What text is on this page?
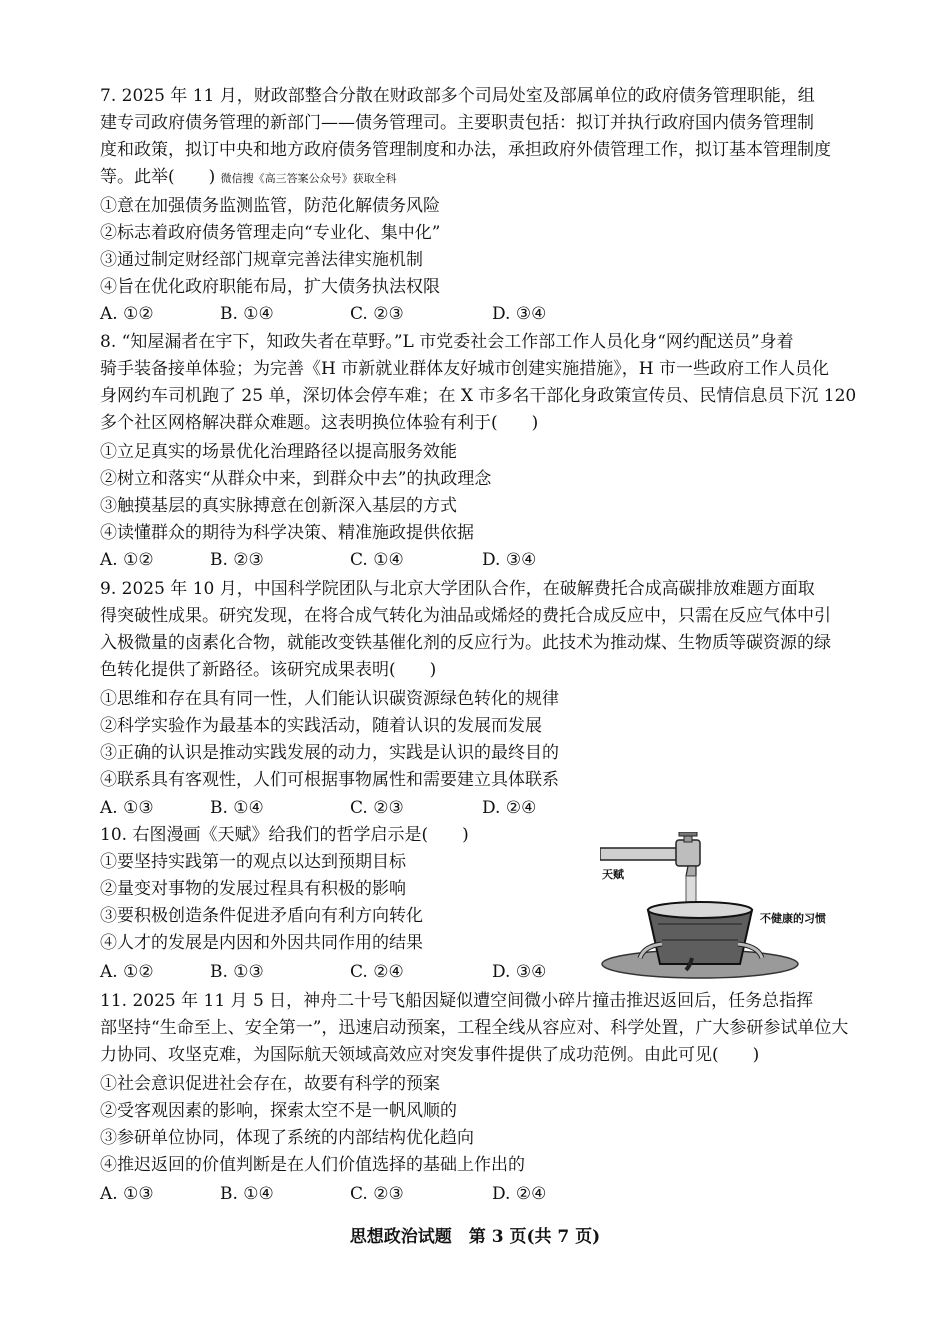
7. 2025 年 11 月，财政部整合分散在财政部多个司局处室及部属单位的政府债务管理职能，组
建专司政府债务管理的新部门——债务管理司。主要职责包括：拟订并执行政府国内债务管理制
度和政策，拟订中央和地方政府债务管理制度和办法，承担政府外债管理工作，拟订基本管理制度
等。此举(　　) 微信搜《高三答案公众号》获取全科
①意在加强债务监测监管，防范化解债务风险
②标志着政府债务管理走向“专业化、集中化”
③通过制定财经部门规章完善法律实施机制
④旨在优化政府职能布局，扩大债务执法权限
A. ①②	B. ①④	C. ②③	D. ③④
8. “知屋漏者在宇下，知政失者在草野。”L 市党委社会工作部工作人员化身“网约配送员”身着
骑手装备接单体验；为完善《H 市新就业群体友好城市创建实施措施》，H 市一些政府工作人员化
身网约车司机跑了 25 单，深切体会停车难；在 X 市多名干部化身政策宣传员、民情信息员下沉 120
多个社区网格解决群众难题。这表明换位体验有利于(　　)
①立足真实的场景优化治理路径以提高服务效能
②树立和落实“从群众中来，到群众中去”的执政理念
③触摸基层的真实脉搏意在创新深入基层的方式
④读懂群众的期待为科学决策、精准施政提供依据
A. ①②	B. ②③	C. ①④	D. ③④
9. 2025 年 10 月，中国科学院团队与北京大学团队合作，在破解费托合成高碳排放难题方面取
得突破性成果。研究发现，在将合成气转化为油品或烯烃的费托合成反应中，只需在反应气体中引
入极微量的卤素化合物，就能改变铁基催化剂的反应行为。此技术为推动煤、生物质等碳资源的绿
色转化提供了新路径。该研究成果表明(　　)
①思维和存在具有同一性，人们能认识碳资源绿色转化的规律
②科学实验作为最基本的实践活动，随着认识的发展而发展
③正确的认识是推动实践发展的动力，实践是认识的最终目的
④联系具有客观性，人们可根据事物属性和需要建立具体联系
A. ①③	B. ①④	C. ②③	D. ②④
10. 右图漫画《天赋》给我们的哲学启示是(　　)
①要坚持实践第一的观点以达到预期目标
②量变对事物的发展过程具有积极的影响
③要积极创造条件促进矛盾向有利方向转化
④人才的发展是内因和外因共同作用的结果
A. ①②	B. ①③	C. ②④	D. ③④
天赋
不健康的习惯
11. 2025 年 11 月 5 日，神舟二十号飞船因疑似遭空间微小碎片撞击推迟返回后，任务总指挥
部坚持“生命至上、安全第一”，迅速启动预案，工程全线从容应对、科学处置，广大参研参试单位大
力协同、攻坚克难，为国际航天领域高效应对突发事件提供了成功范例。由此可见(　　)
①社会意识促进社会存在，故要有科学的预案
②受客观因素的影响，探索太空不是一帆风顺的
③参研单位协同，体现了系统的内部结构优化趋向
④推迟返回的价值判断是在人们价值选择的基础上作出的
A. ①③	B. ①④	C. ②③	D. ②④
思想政治试题　第 3 页(共 7 页)
